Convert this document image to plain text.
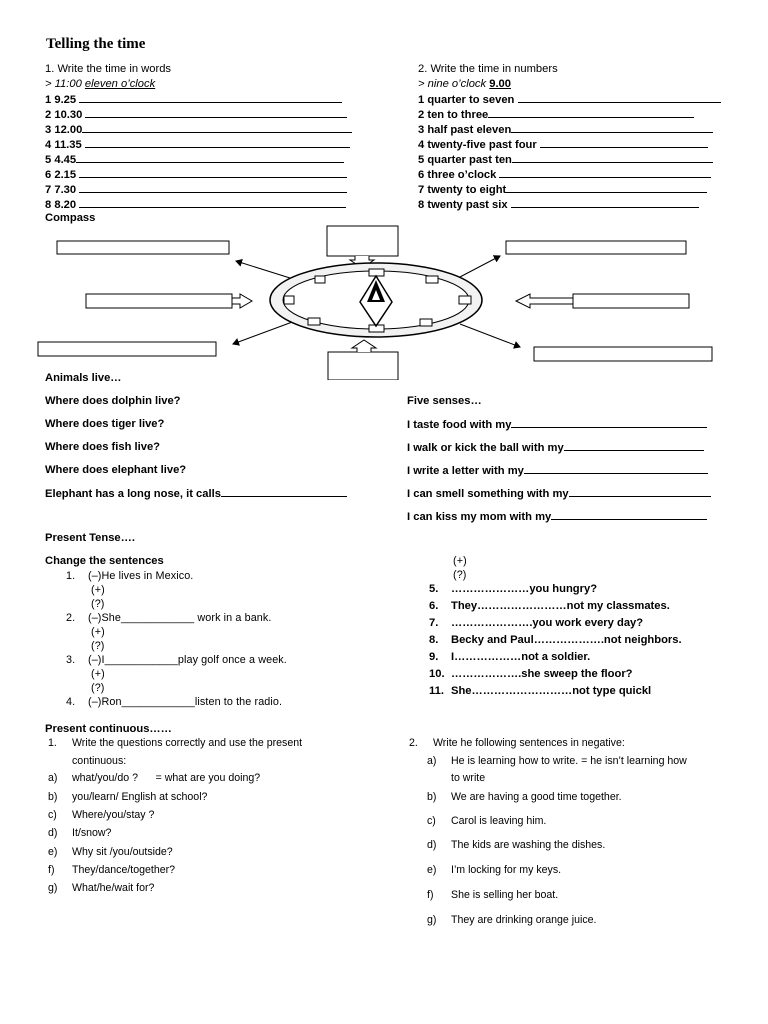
Telling the time
1. Write the time in words
> 11:00 eleven o’clock
1 9.25
2 10.30
3 12.00
4 11.35
5 4.45
6 2.15
7 7.30
8 8.20
2. Write the time in numbers
> nine o’clock 9.00
1 quarter to seven
2 ten to three
3 half past eleven
4 twenty-five past four
5 quarter past ten
6 three o’clock
7 twenty to eight
8 twenty past six
Compass
Animals live…
Where does dolphin live?
Where does tiger live?
Where does fish live?
Where does elephant live?
Elephant has a long nose, it calls
Five senses…
I taste food with my
I walk or kick the ball with my
I write a letter with my
I can smell something with my
I can kiss my mom with my
Present Tense….
Change the sentences
1. (–)He lives in Mexico.
(+)
(?)
2. (–)She____________ work in a bank.
(+)
(?)
3. (–)I____________play golf once a week.
(+)
(?)
4. (–)Ron____________listen to the radio.
(+)
(?)
5. …………………you hungry?
6. They……………………not my classmates.
7. ………………….you work every day?
8. Becky and Paul……………….not neighbors.
9. I………………not a soldier.
10. ……………….she sweep the floor?
11. She………………………not type quickl
Present continuous……
1. Write the questions correctly and use the present
continuous:
a) what/you/do ?      = what are you doing?
b) you/learn/ English at school?
c) Where/you/stay ?
d) It/snow?
e) Why sit /you/outside?
f) They/dance/together?
g) What/he/wait for?
2. Write he following sentences in negative:
a) He is learning how to write. = he isn’t learning how
to write
b) We are having a good time together.
c) Carol is leaving him.
d) The kids are washing the dishes.
e) I’m locking for my keys.
f) She is selling her boat.
g) They are drinking orange juice.
